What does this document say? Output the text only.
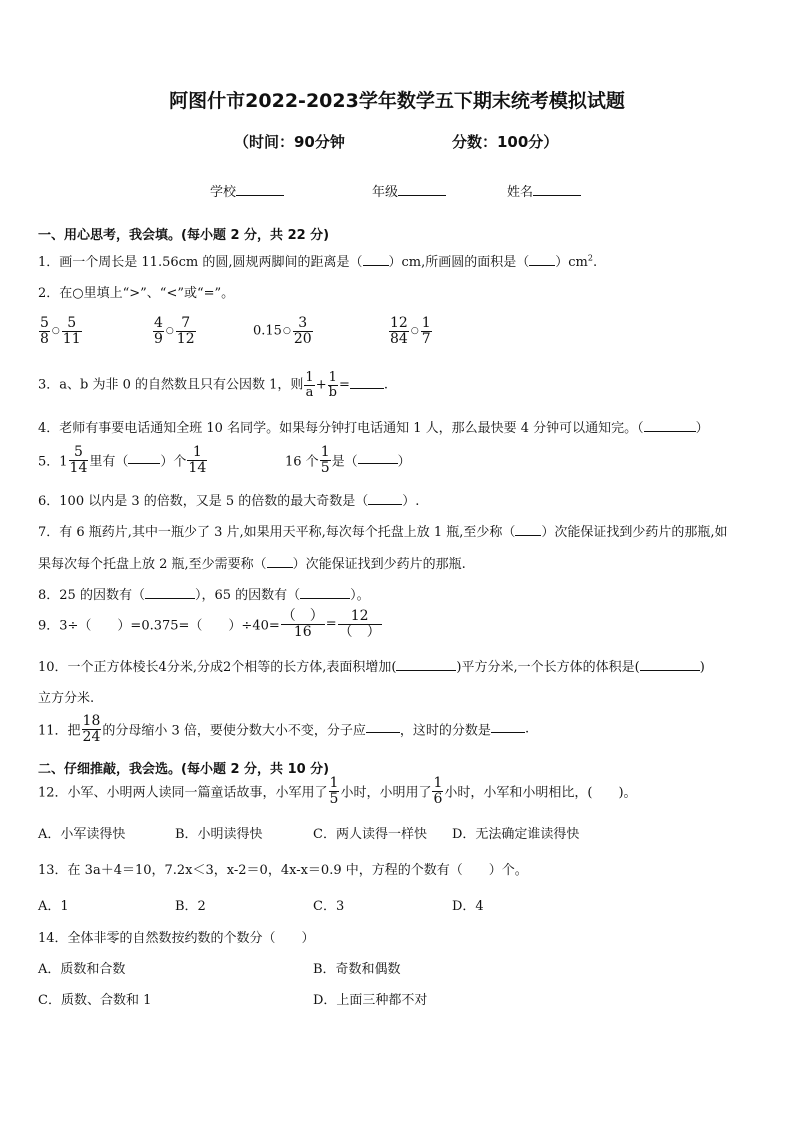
阿图什市2022-2023学年数学五下期末统考模拟试题
（时间：90分钟	分数：100分）
学校	年级	姓名
一、用心思考，我会填。(每小题 2 分，共 22 分)
1．画一个周长是 11.56cm 的圆,圆规两脚间的距离是（ ）cm,所画圆的面积是（ ）$cm^2$.
2．在○里填上“>”、“<”或“=”。
$\frac{5}{8}$ ○ $\frac{5}{11}$	$\frac{4}{9}$ ○ $\frac{7}{12}$	0.15○ $\frac{3}{20}$	$\frac{12}{84}$ ○ $\frac{1}{7}$
3．a、b 为非 0 的自然数且只有公因数 1，则 $\frac{1}{a} + \frac{1}{b}$ =	.
4．老师有事要电话通知全班 10 名同学。如果每分钟打电话通知 1 人，那么最快要 4 分钟可以通知完。（	）
5．$1 \frac{5}{14}$ 里有（ ）个 $\frac{1}{14}$	16 个 $\frac{1}{5}$ 是（	）
6．100 以内是 3 的倍数，又是 5 的倍数的最大奇数是（	）.
7．有 6 瓶药片,其中一瓶少了 3 片,如果用天平称,每次每个托盘上放 1 瓶,至少称（ ）次能保证找到少药片的那瓶,如
果每次每个托盘上放 2 瓶,至少需要称（ ）次能保证找到少药片的那瓶.
8．25 的因数有（	），65 的因数有（	）。
9．3÷（　　）=0.375=（　　）$\div 40= \frac{( )}{16} = \frac{12}{( )}$
10．一个正方体棱长4分米,分成2个相等的长方体,表面积增加(	)平方分米,一个长方体的体积是(	)
立方分米.
11．把 $\frac{18}{24}$ 的分母缩小 3 倍，要使分数大小不变，分子应	，这时的分数是	.
二、仔细推敲，我会选。(每小题 2 分，共 10 分)
12．小军、小明两人读同一篇童话故事，小军用了 $\frac{1}{5}$ 小时，小明用了 $\frac{1}{6}$ 小时，小军和小明相比，(　　)。
A．小军读得快	B．小明读得快	C．两人读得一样快 D．无法确定谁读得快
13．在 3a＋4＝10，7.2x＜3，x-2＝0，4x-x＝0.9 中，方程的个数有（　　）个。
A．1	B．2	C．3	D．4
14．全体非零的自然数按约数的个数分（　　）
A．质数和合数	B．奇数和偶数
C．质数、合数和 1	D．上面三种都不对
